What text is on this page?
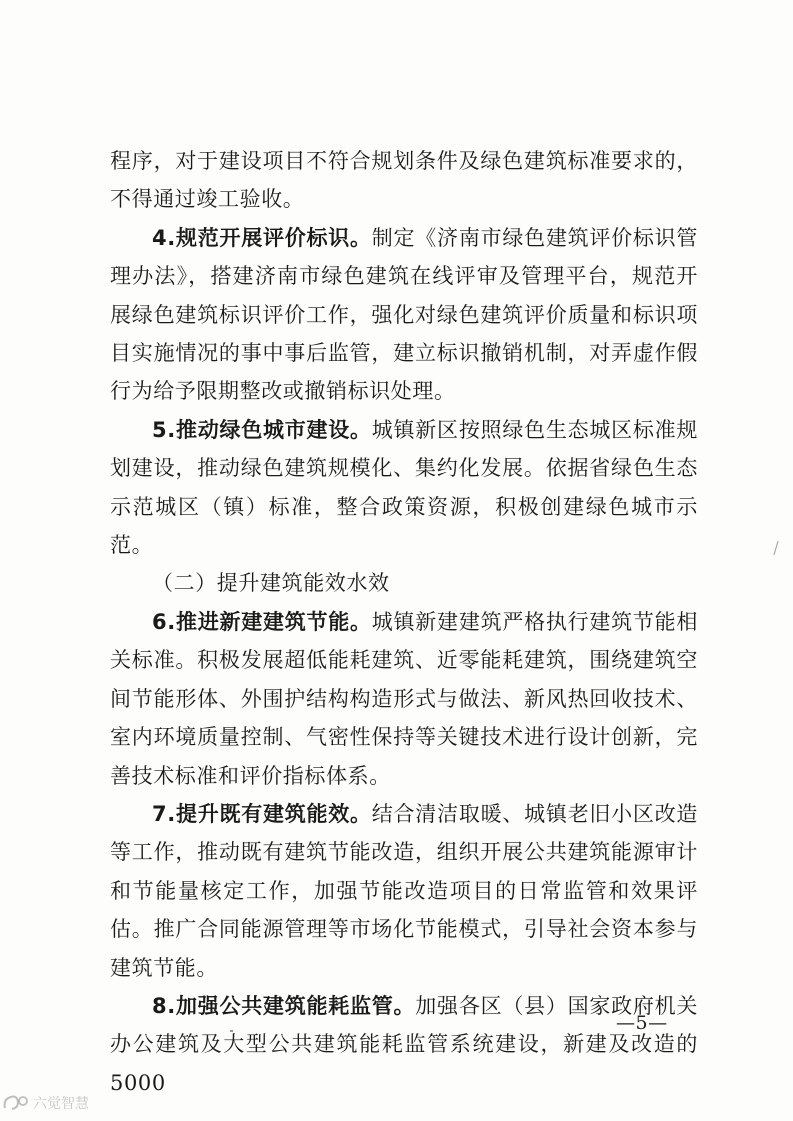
程序，对于建设项目不符合规划条件及绿色建筑标准要求的，不得通过竣工验收。

4.规范开展评价标识。制定《济南市绿色建筑评价标识管理办法》，搭建济南市绿色建筑在线评审及管理平台，规范开展绿色建筑标识评价工作，强化对绿色建筑评价质量和标识项目实施情况的事中事后监管，建立标识撤销机制，对弄虚作假行为给予限期整改或撤销标识处理。

5.推动绿色城市建设。城镇新区按照绿色生态城区标准规划建设，推动绿色建筑规模化、集约化发展。依据省绿色生态示范城区（镇）标准，整合政策资源，积极创建绿色城市示范。

（二）提升建筑能效水效

6.推进新建建筑节能。城镇新建建筑严格执行建筑节能相关标准。积极发展超低能耗建筑、近零能耗建筑，围绕建筑空间节能形体、外围护结构构造形式与做法、新风热回收技术、室内环境质量控制、气密性保持等关键技术进行设计创新，完善技术标准和评价指标体系。

7.提升既有建筑能效。结合清洁取暖、城镇老旧小区改造等工作，推动既有建筑节能改造，组织开展公共建筑能源审计和节能量核定工作，加强节能改造项目的日常监管和效果评估。推广合同能源管理等市场化节能模式，引导社会资本参与建筑节能。

8.加强公共建筑能耗监管。加强各区（县）国家政府机关办公建筑及大型公共建筑能耗监管系统建设，新建及改造的 5000

—5—
六觉智慧
